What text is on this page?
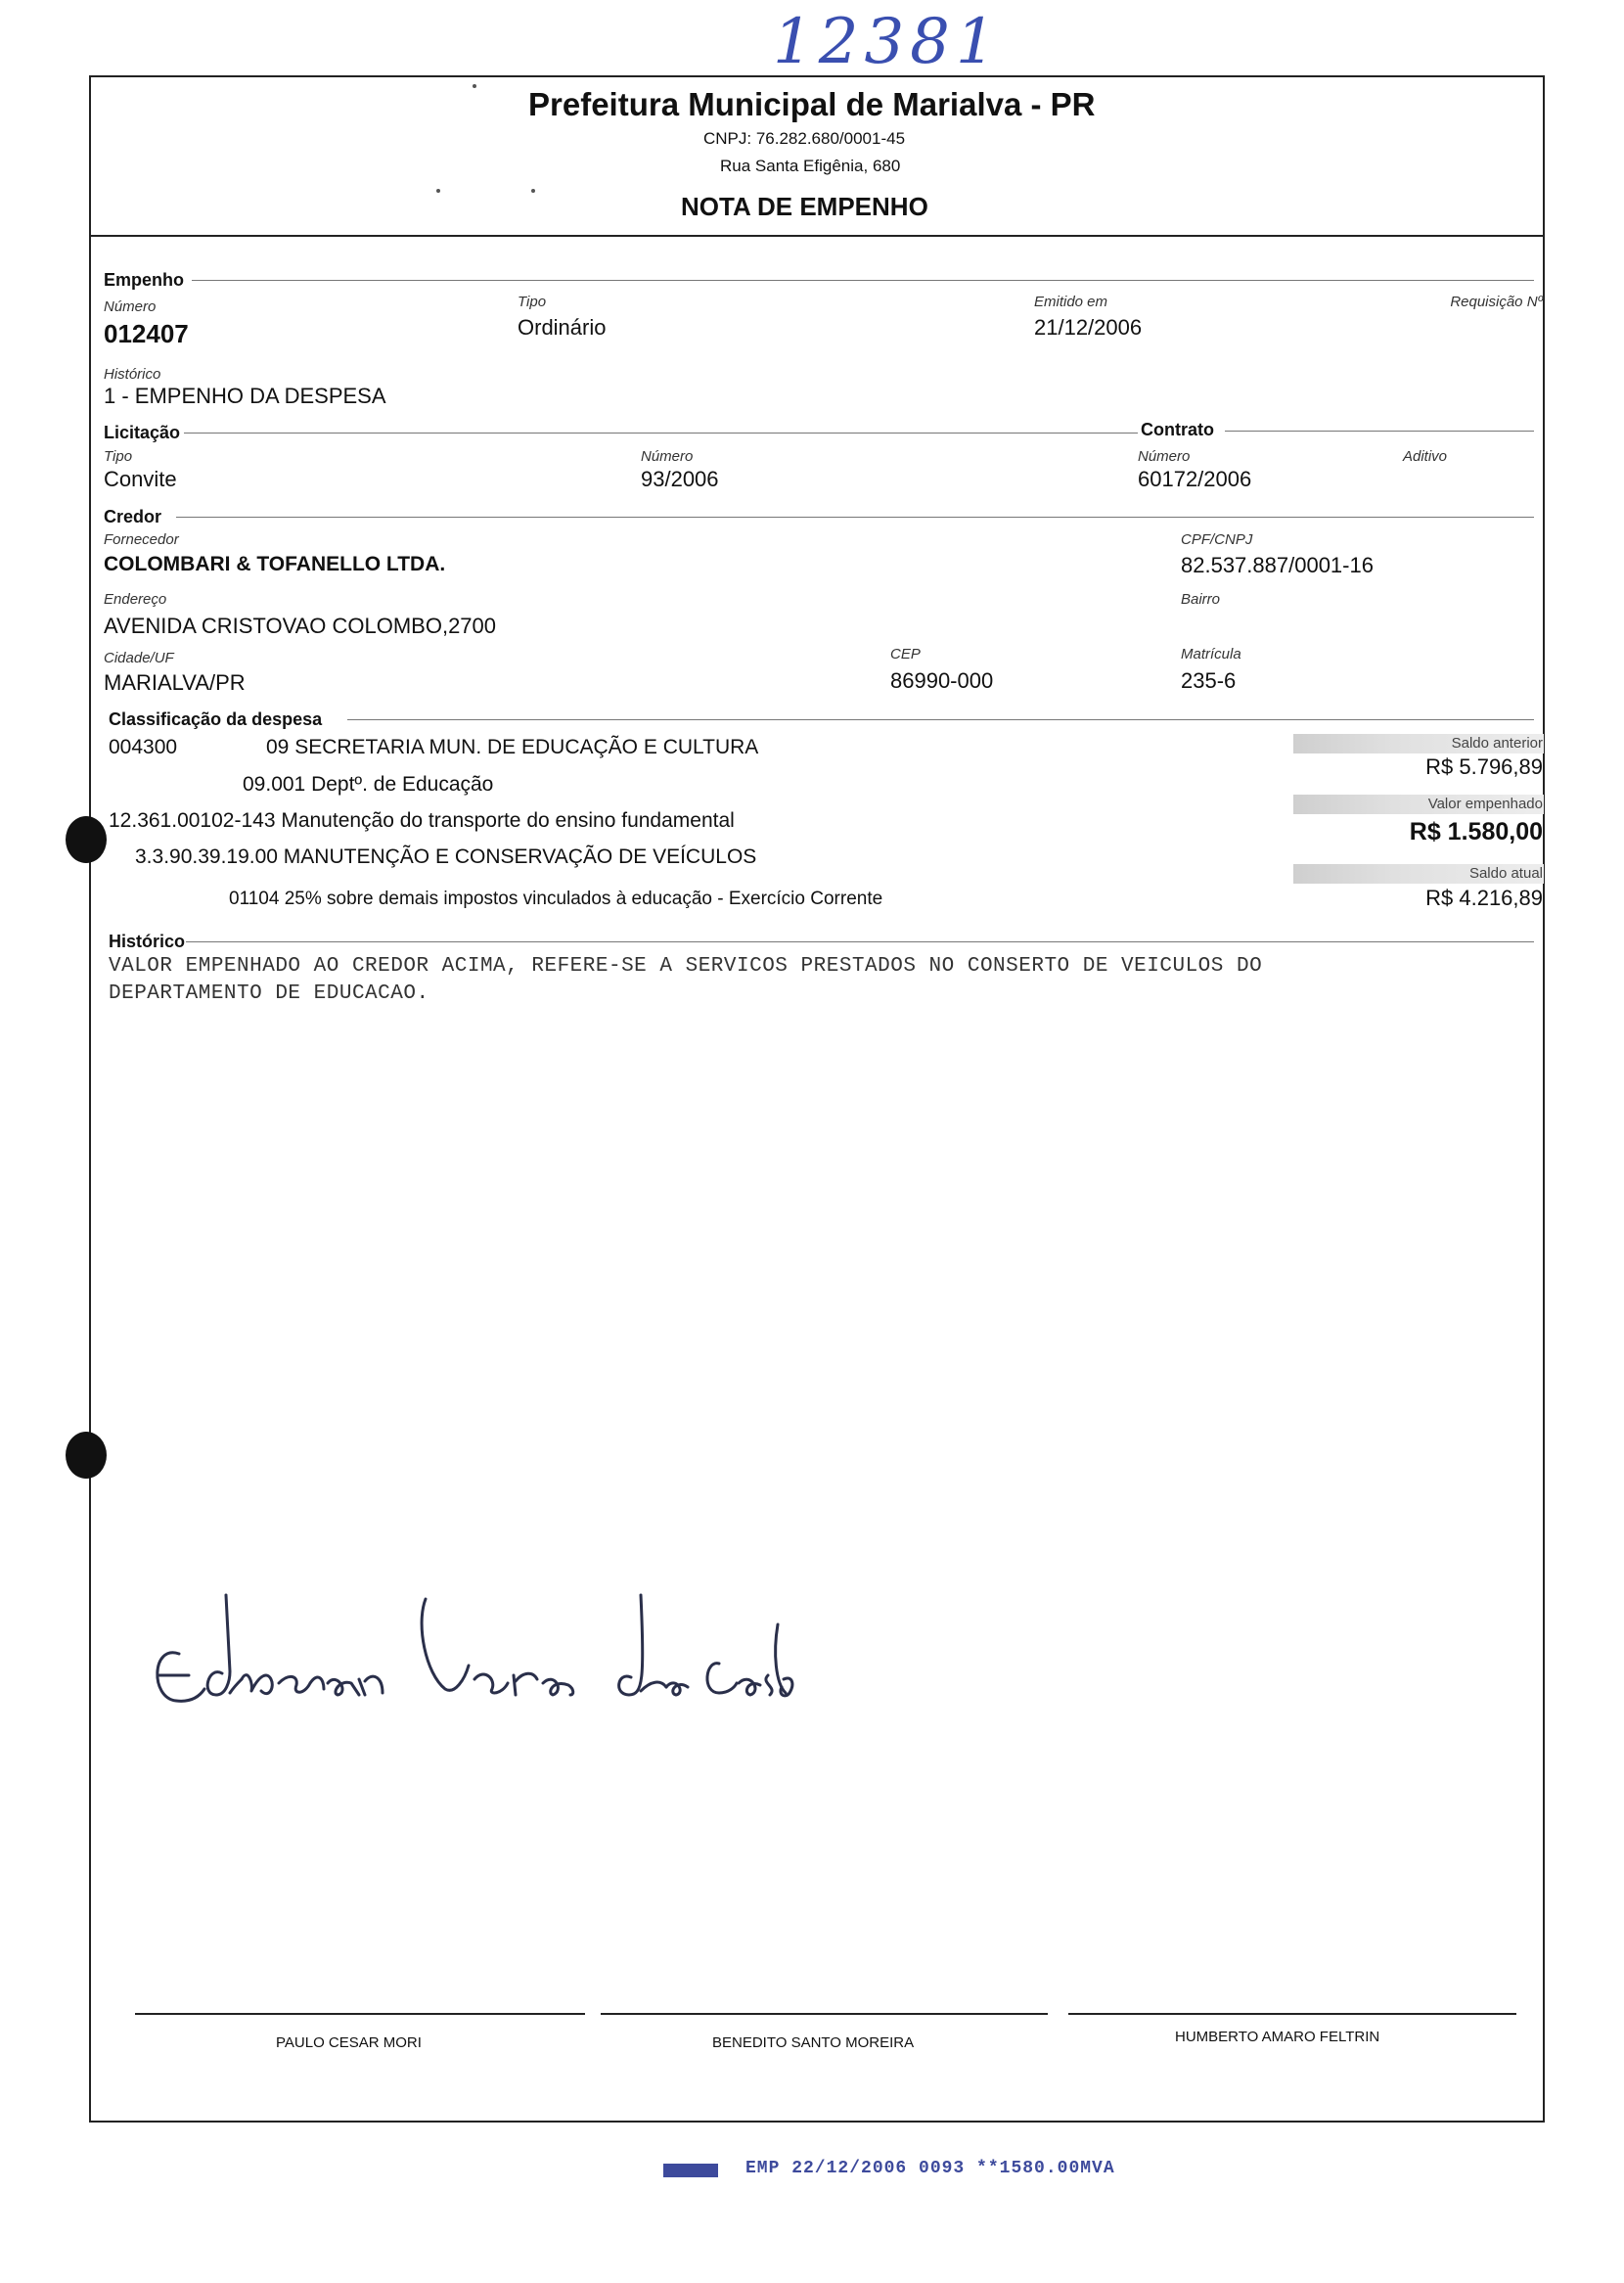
12381
Prefeitura Municipal de Marialva - PR
CNPJ: 76.282.680/0001-45
Rua Santa Efigênia, 680
NOTA DE EMPENHO
Empenho
Número
012407
Tipo
Ordinário
Emitido em
21/12/2006
Requisição Nº
Histórico
1 - EMPENHO DA DESPESA
Licitação	Contrato
Tipo
Convite
Número
93/2006
Número
60172/2006
Aditivo
Credor
Fornecedor
COLOMBARI & TOFANELLO LTDA.
CPF/CNPJ
82.537.887/0001-16
Endereço
AVENIDA CRISTOVAO COLOMBO,2700
Bairro
Cidade/UF
MARIALVA/PR
CEP
86990-000
Matrícula
235-6
Classificação da despesa
004300	09 SECRETARIA MUN. DE EDUCAÇÃO E CULTURA
09.001 Deptº. de Educação
12.361.00102-143 Manutenção do transporte do ensino fundamental
3.3.90.39.19.00 MANUTENÇÃO E CONSERVAÇÃO DE VEÍCULOS
01104 25% sobre demais impostos vinculados à educação - Exercício Corrente
Saldo anterior
R$ 5.796,89
Valor empenhado
R$ 1.580,00
Saldo atual
R$ 4.216,89
Histórico
VALOR EMPENHADO AO CREDOR ACIMA, REFERE-SE A SERVICOS PRESTADOS NO CONSERTO DE VEICULOS DO
DEPARTAMENTO DE EDUCACAO.
PAULO CESAR MORI	BENEDITO SANTO MOREIRA	HUMBERTO AMARO FELTRIN
EMP 22/12/2006 0093 **1580.00MVA
